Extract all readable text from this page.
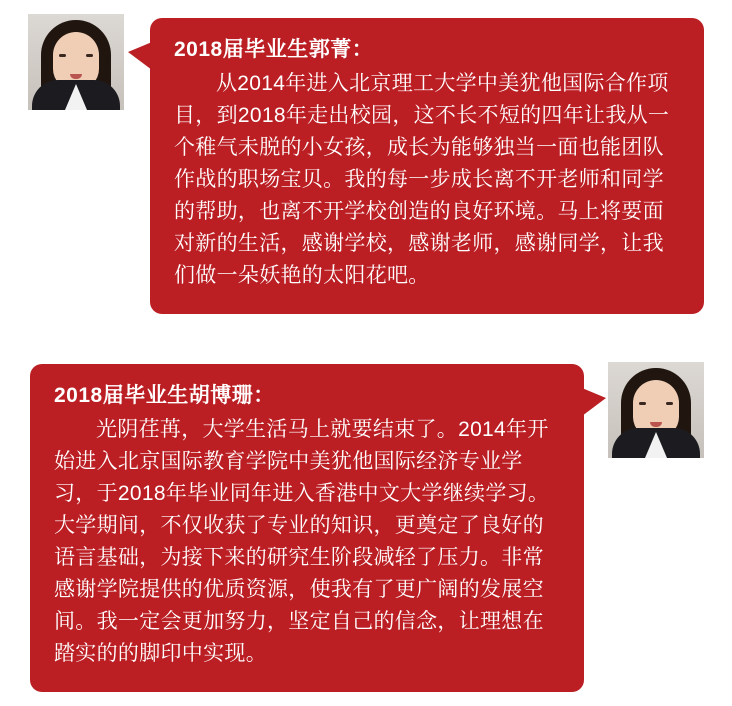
2018届毕业生郭菁：

从2014年进入北京理工大学中美犹他国际合作项目，到2018年走出校园，这不长不短的四年让我从一个稚气未脱的小女孩，成长为能够独当一面也能团队作战的职场宝贝。我的每一步成长离不开老师和同学的帮助，也离不开学校创造的良好环境。马上将要面对新的生活，感谢学校，感谢老师，感谢同学，让我们做一朵妖艳的太阳花吧。

2018届毕业生胡博珊：

光阴荏苒，大学生活马上就要结束了。2014年开始进入北京国际教育学院中美犹他国际经济专业学习，于2018年毕业同年进入香港中文大学继续学习。大学期间，不仅收获了专业的知识，更奠定了良好的语言基础，为接下来的研究生阶段减轻了压力。非常感谢学院提供的优质资源，使我有了更广阔的发展空间。我一定会更加努力，坚定自己的信念，让理想在踏实的的脚印中实现。
